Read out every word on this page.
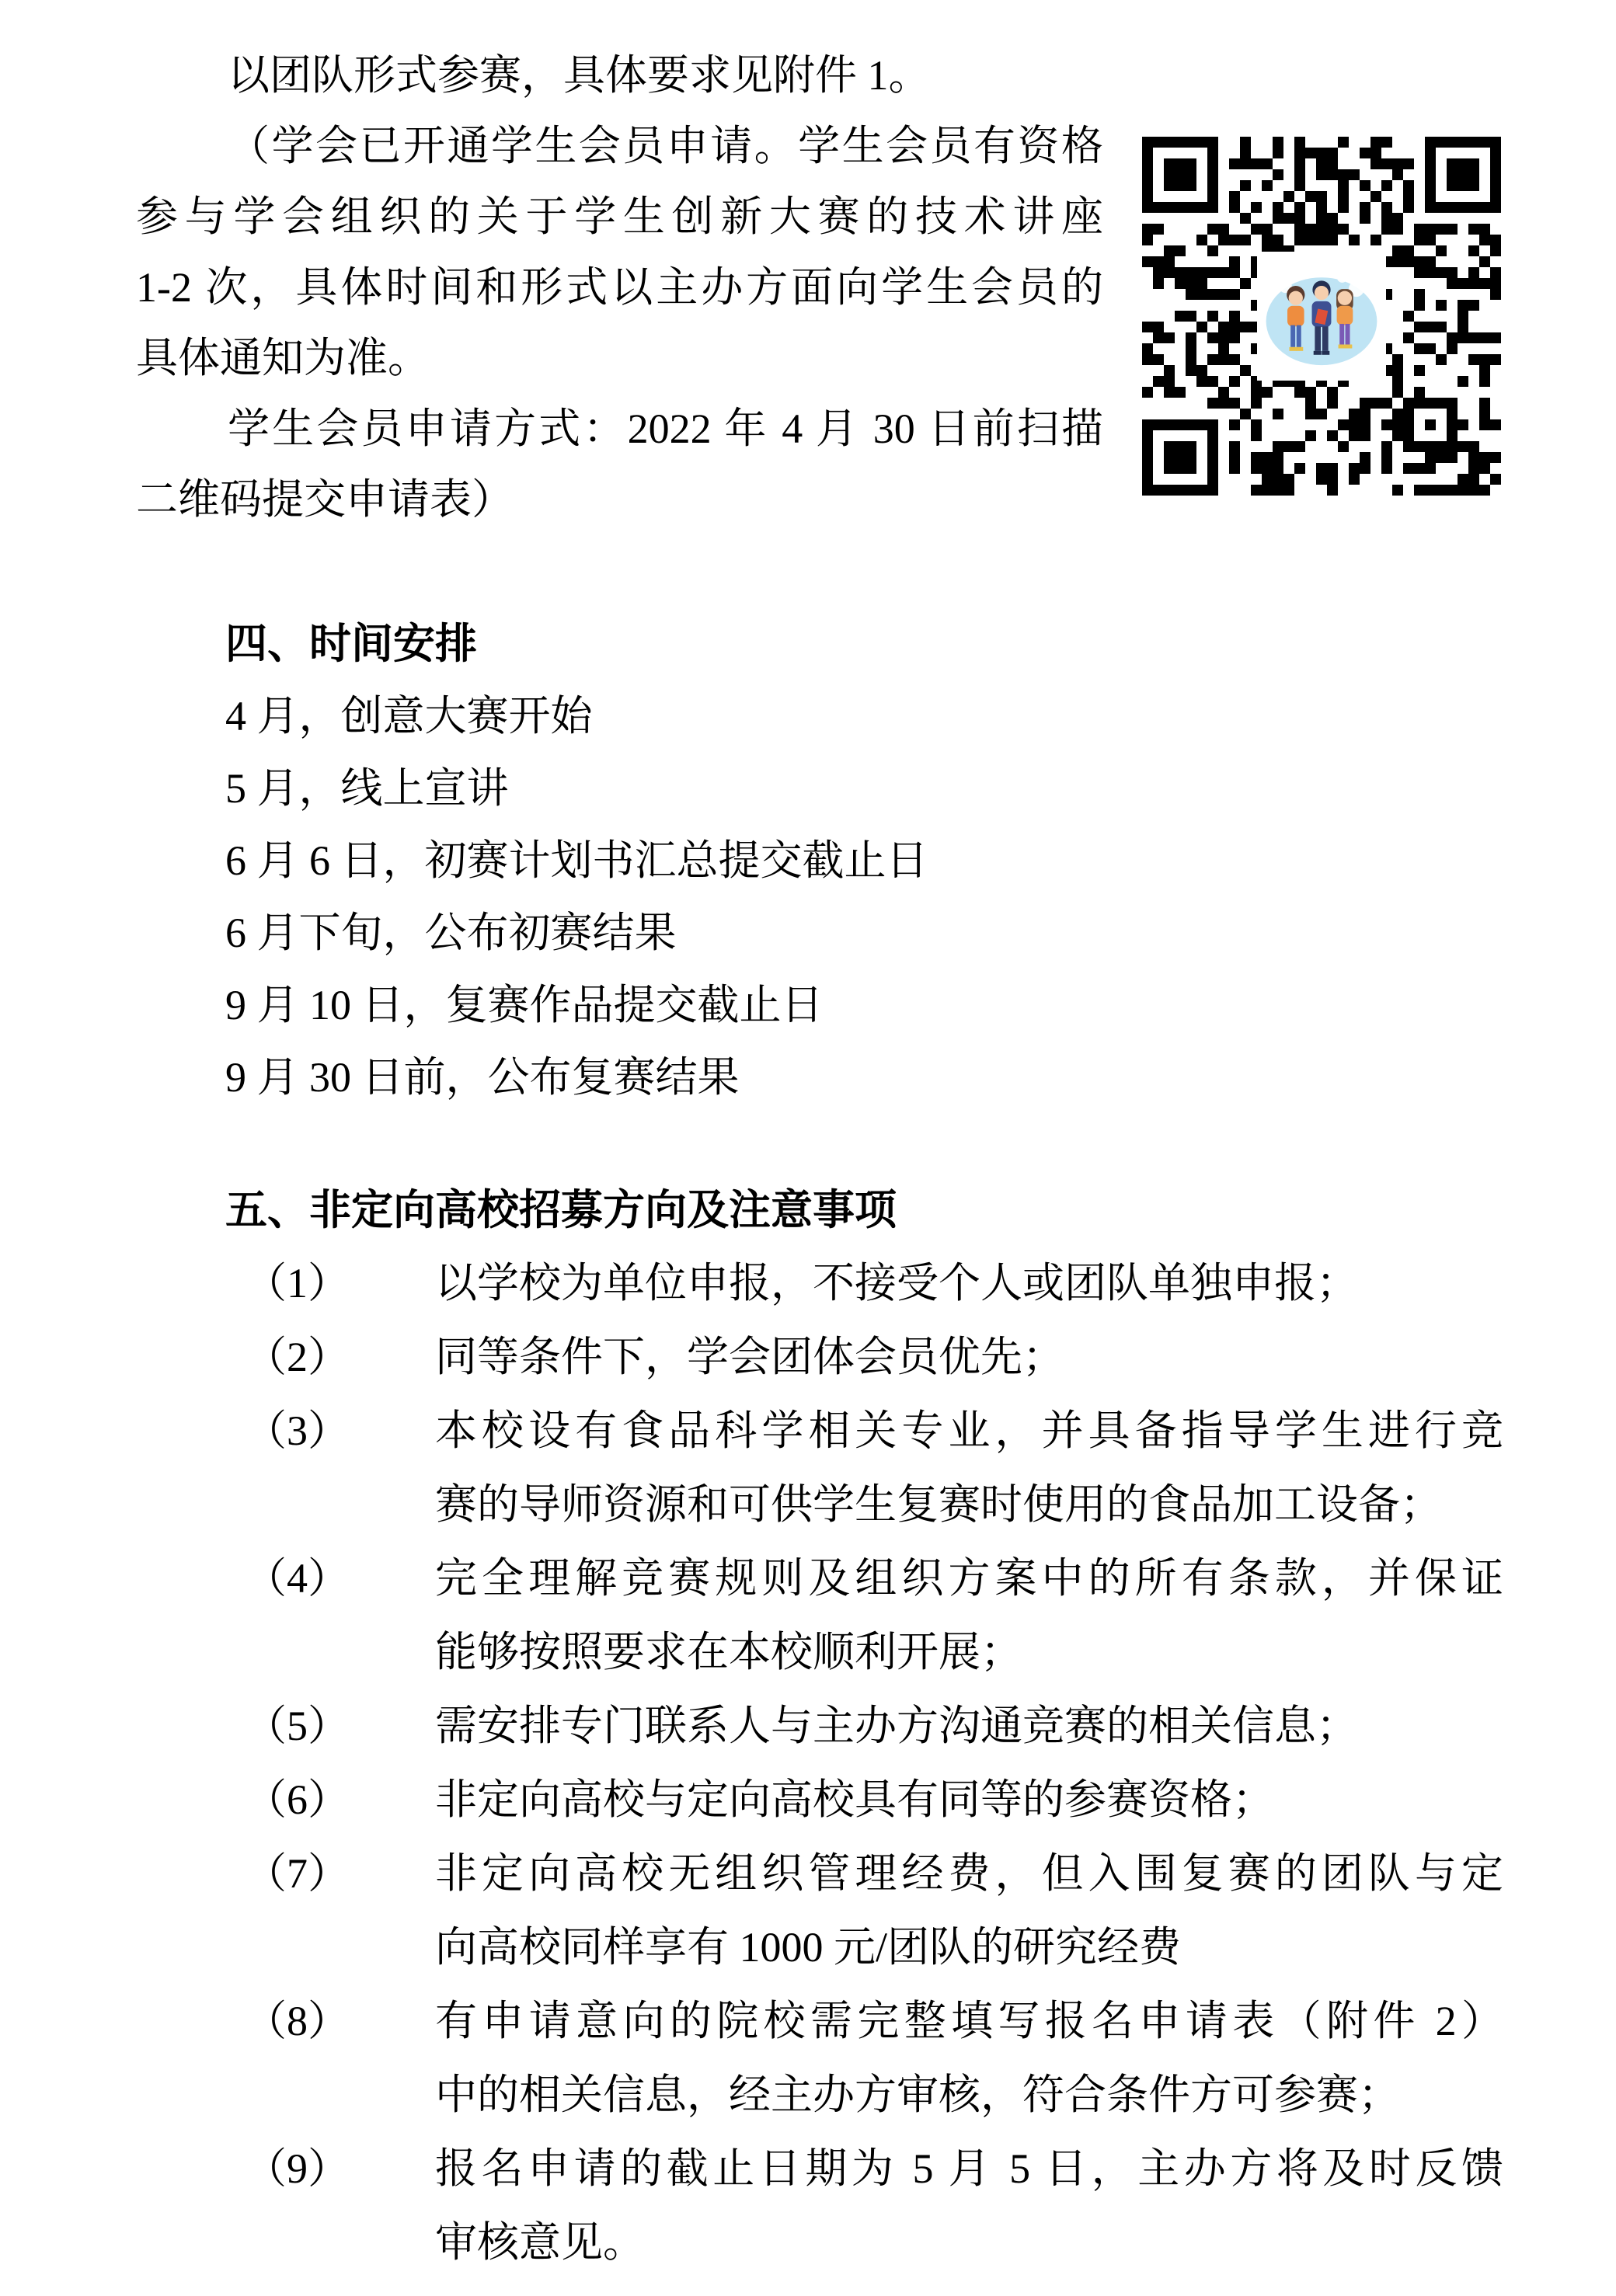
以团队形式参赛，具体要求见附件 1。
（学会已开通学生会员申请。学生会员有资格
参与学会组织的关于学生创新大赛的技术讲座
1-2 次，具体时间和形式以主办方面向学生会员的
具体通知为准。
学生会员申请方式：2022 年 4 月 30 日前扫描
二维码提交申请表）
四、时间安排
4 月，创意大赛开始
5 月，线上宣讲
6 月 6 日，初赛计划书汇总提交截止日
6 月下旬，公布初赛结果
9 月 10 日，复赛作品提交截止日
9 月 30 日前，公布复赛结果
五、非定向高校招募方向及注意事项
（1） 以学校为单位申报，不接受个人或团队单独申报；
（2） 同等条件下，学会团体会员优先；
（3） 本校设有食品科学相关专业，并具备指导学生进行竞
赛的导师资源和可供学生复赛时使用的食品加工设备；
（4） 完全理解竞赛规则及组织方案中的所有条款，并保证
能够按照要求在本校顺利开展；
（5） 需安排专门联系人与主办方沟通竞赛的相关信息；
（6） 非定向高校与定向高校具有同等的参赛资格；
（7） 非定向高校无组织管理经费，但入围复赛的团队与定
向高校同样享有 1000 元/团队的研究经费
（8） 有申请意向的院校需完整填写报名申请表（附件 2）
中的相关信息，经主办方审核，符合条件方可参赛；
（9） 报名申请的截止日期为 5 月 5 日，主办方将及时反馈
审核意见。
